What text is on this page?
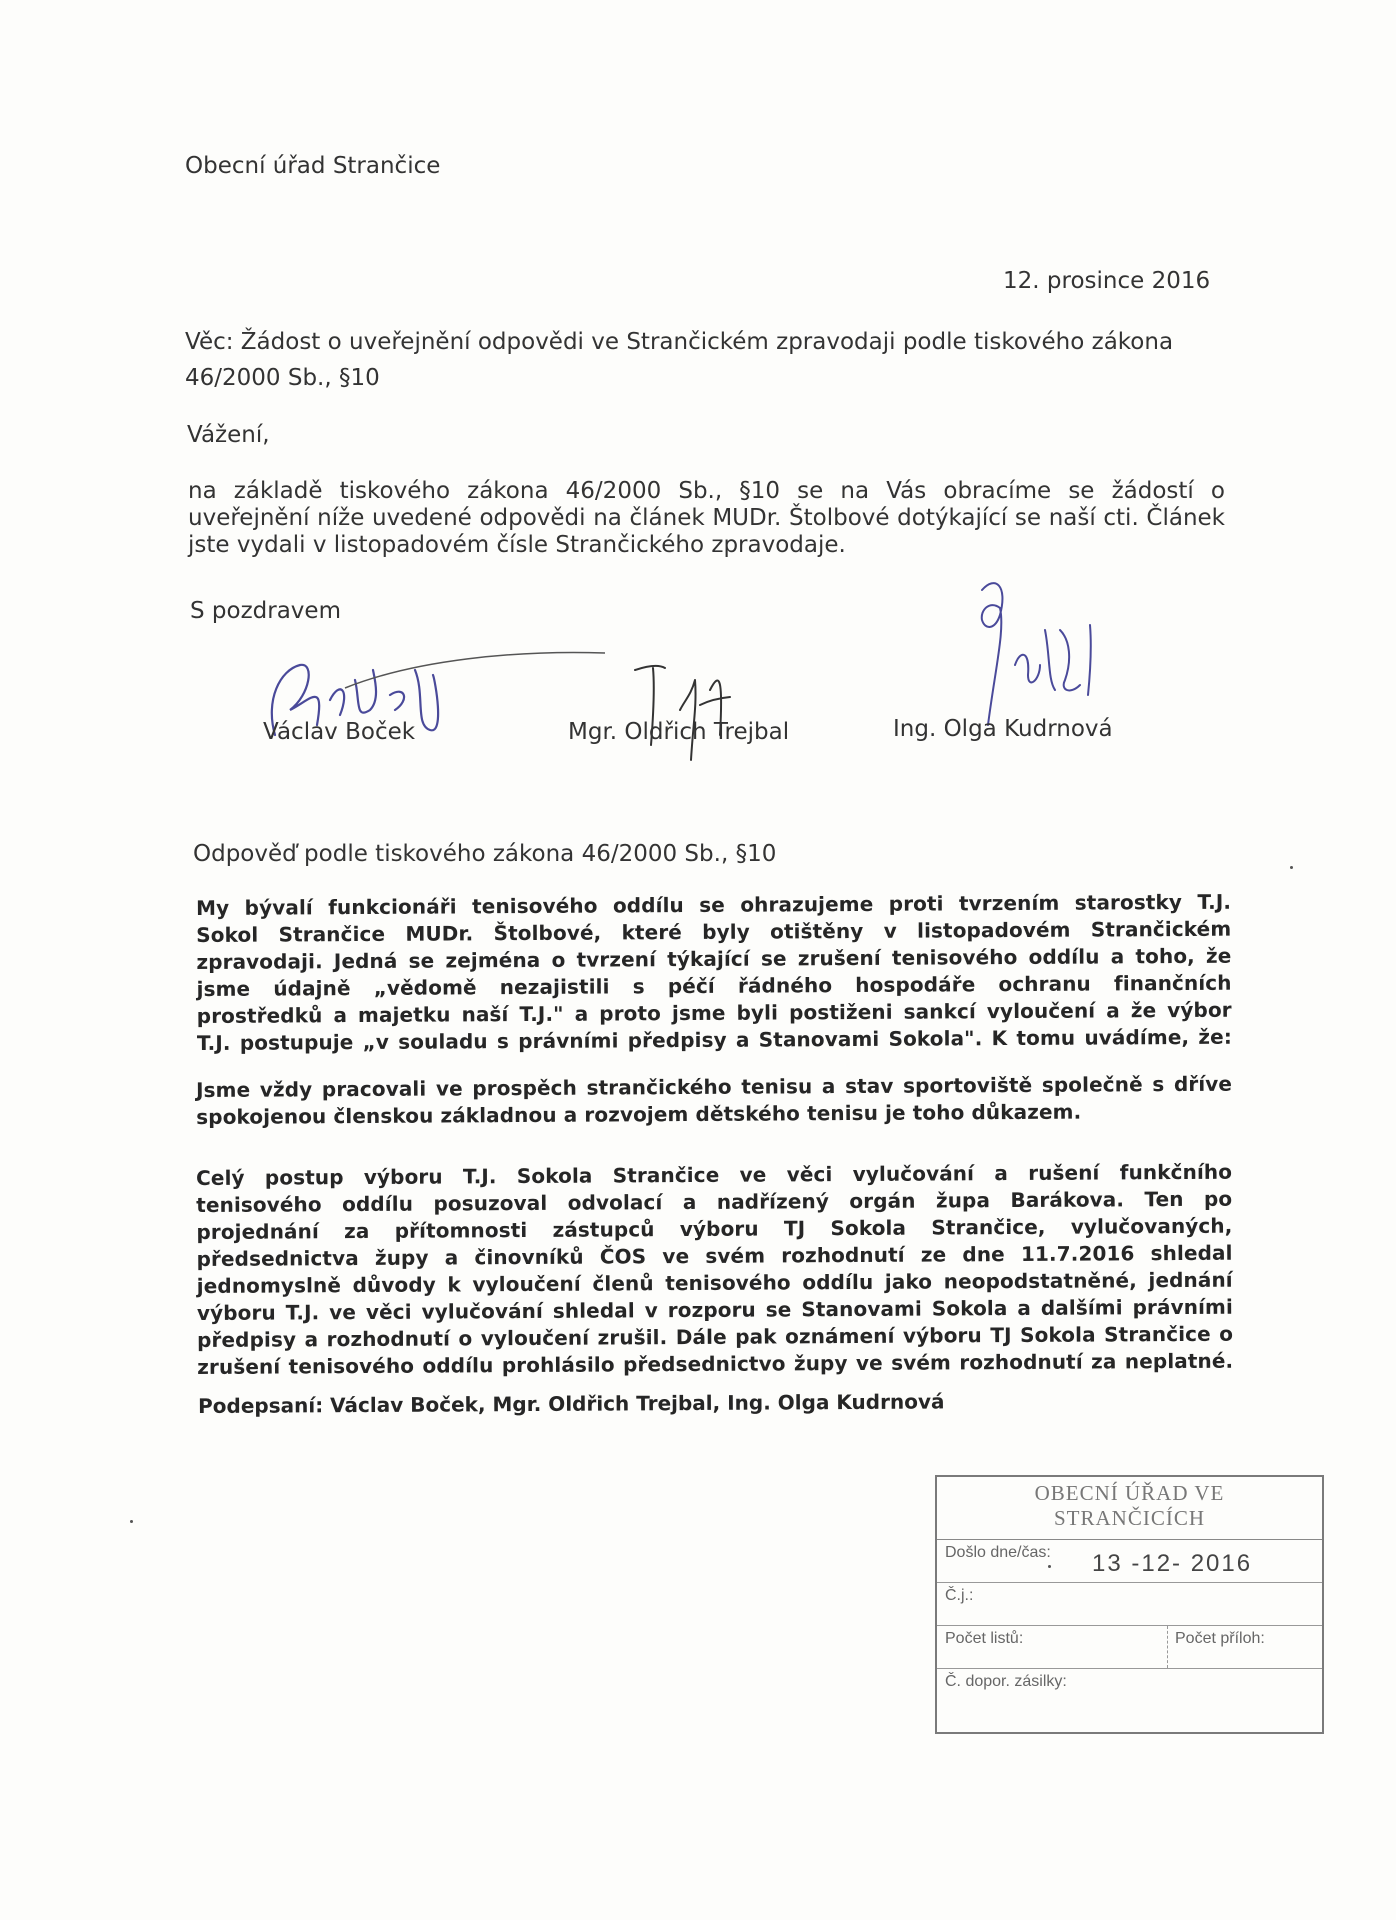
Obecní úřad Strančice
12. prosince 2016
Věc: Žádost o uveřejnění odpovědi ve Strančickém zpravodaji podle tiskového zákona
46/2000 Sb., §10
Vážení,
na základě tiskového zákona 46/2000 Sb., §10 se na Vás obracíme se žádostí o
uveřejnění níže uvedené odpovědi na článek MUDr. Štolbové dotýkající se naší cti. Článek
jste vydali v listopadovém čísle Strančického zpravodaje.
S pozdravem
Václav Boček	Mgr. Oldřich Trejbal	Ing. Olga Kudrnová
Odpověď podle tiskového zákona 46/2000 Sb., §10
My bývalí funkcionáři tenisového oddílu se ohrazujeme proti tvrzením starostky T.J.
Sokol Strančice MUDr. Štolbové, které byly otištěny v listopadovém Strančickém
zpravodaji. Jedná se zejména o tvrzení týkající se zrušení tenisového oddílu a toho, že
jsme údajně „vědomě nezajistili s péčí řádného hospodáře ochranu finančních
prostředků a majetku naší T.J." a proto jsme byli postiženi sankcí vyloučení a že výbor
T.J. postupuje „v souladu s právními předpisy a Stanovami Sokola". K tomu uvádíme, že:
Jsme vždy pracovali ve prospěch strančického tenisu a stav sportoviště společně s dříve
spokojenou členskou základnou a rozvojem dětského tenisu je toho důkazem.
Celý postup výboru T.J. Sokola Strančice ve věci vylučování a rušení funkčního
tenisového oddílu posuzoval odvolací a nadřízený orgán župa Barákova. Ten po
projednání za přítomnosti zástupců výboru TJ Sokola Strančice, vylučovaných,
předsednictva župy a činovníků ČOS ve svém rozhodnutí ze dne 11.7.2016 shledal
jednomyslně důvody k vyloučení členů tenisového oddílu jako neopodstatněné, jednání
výboru T.J. ve věci vylučování shledal v rozporu se Stanovami Sokola a dalšími právními
předpisy a rozhodnutí o vyloučení zrušil. Dále pak oznámení výboru TJ Sokola Strančice o
zrušení tenisového oddílu prohlásilo předsednictvo župy ve svém rozhodnutí za neplatné.
Podepsaní: Václav Boček, Mgr. Oldřich Trejbal, Ing. Olga Kudrnová
OBECNÍ ÚŘAD VE
STRANČICÍCH
Došlo dne/čas: 13 -12- 2016
Č.j.:
Počet listů:	Počet příloh:
Č. dopor. zásilky:
